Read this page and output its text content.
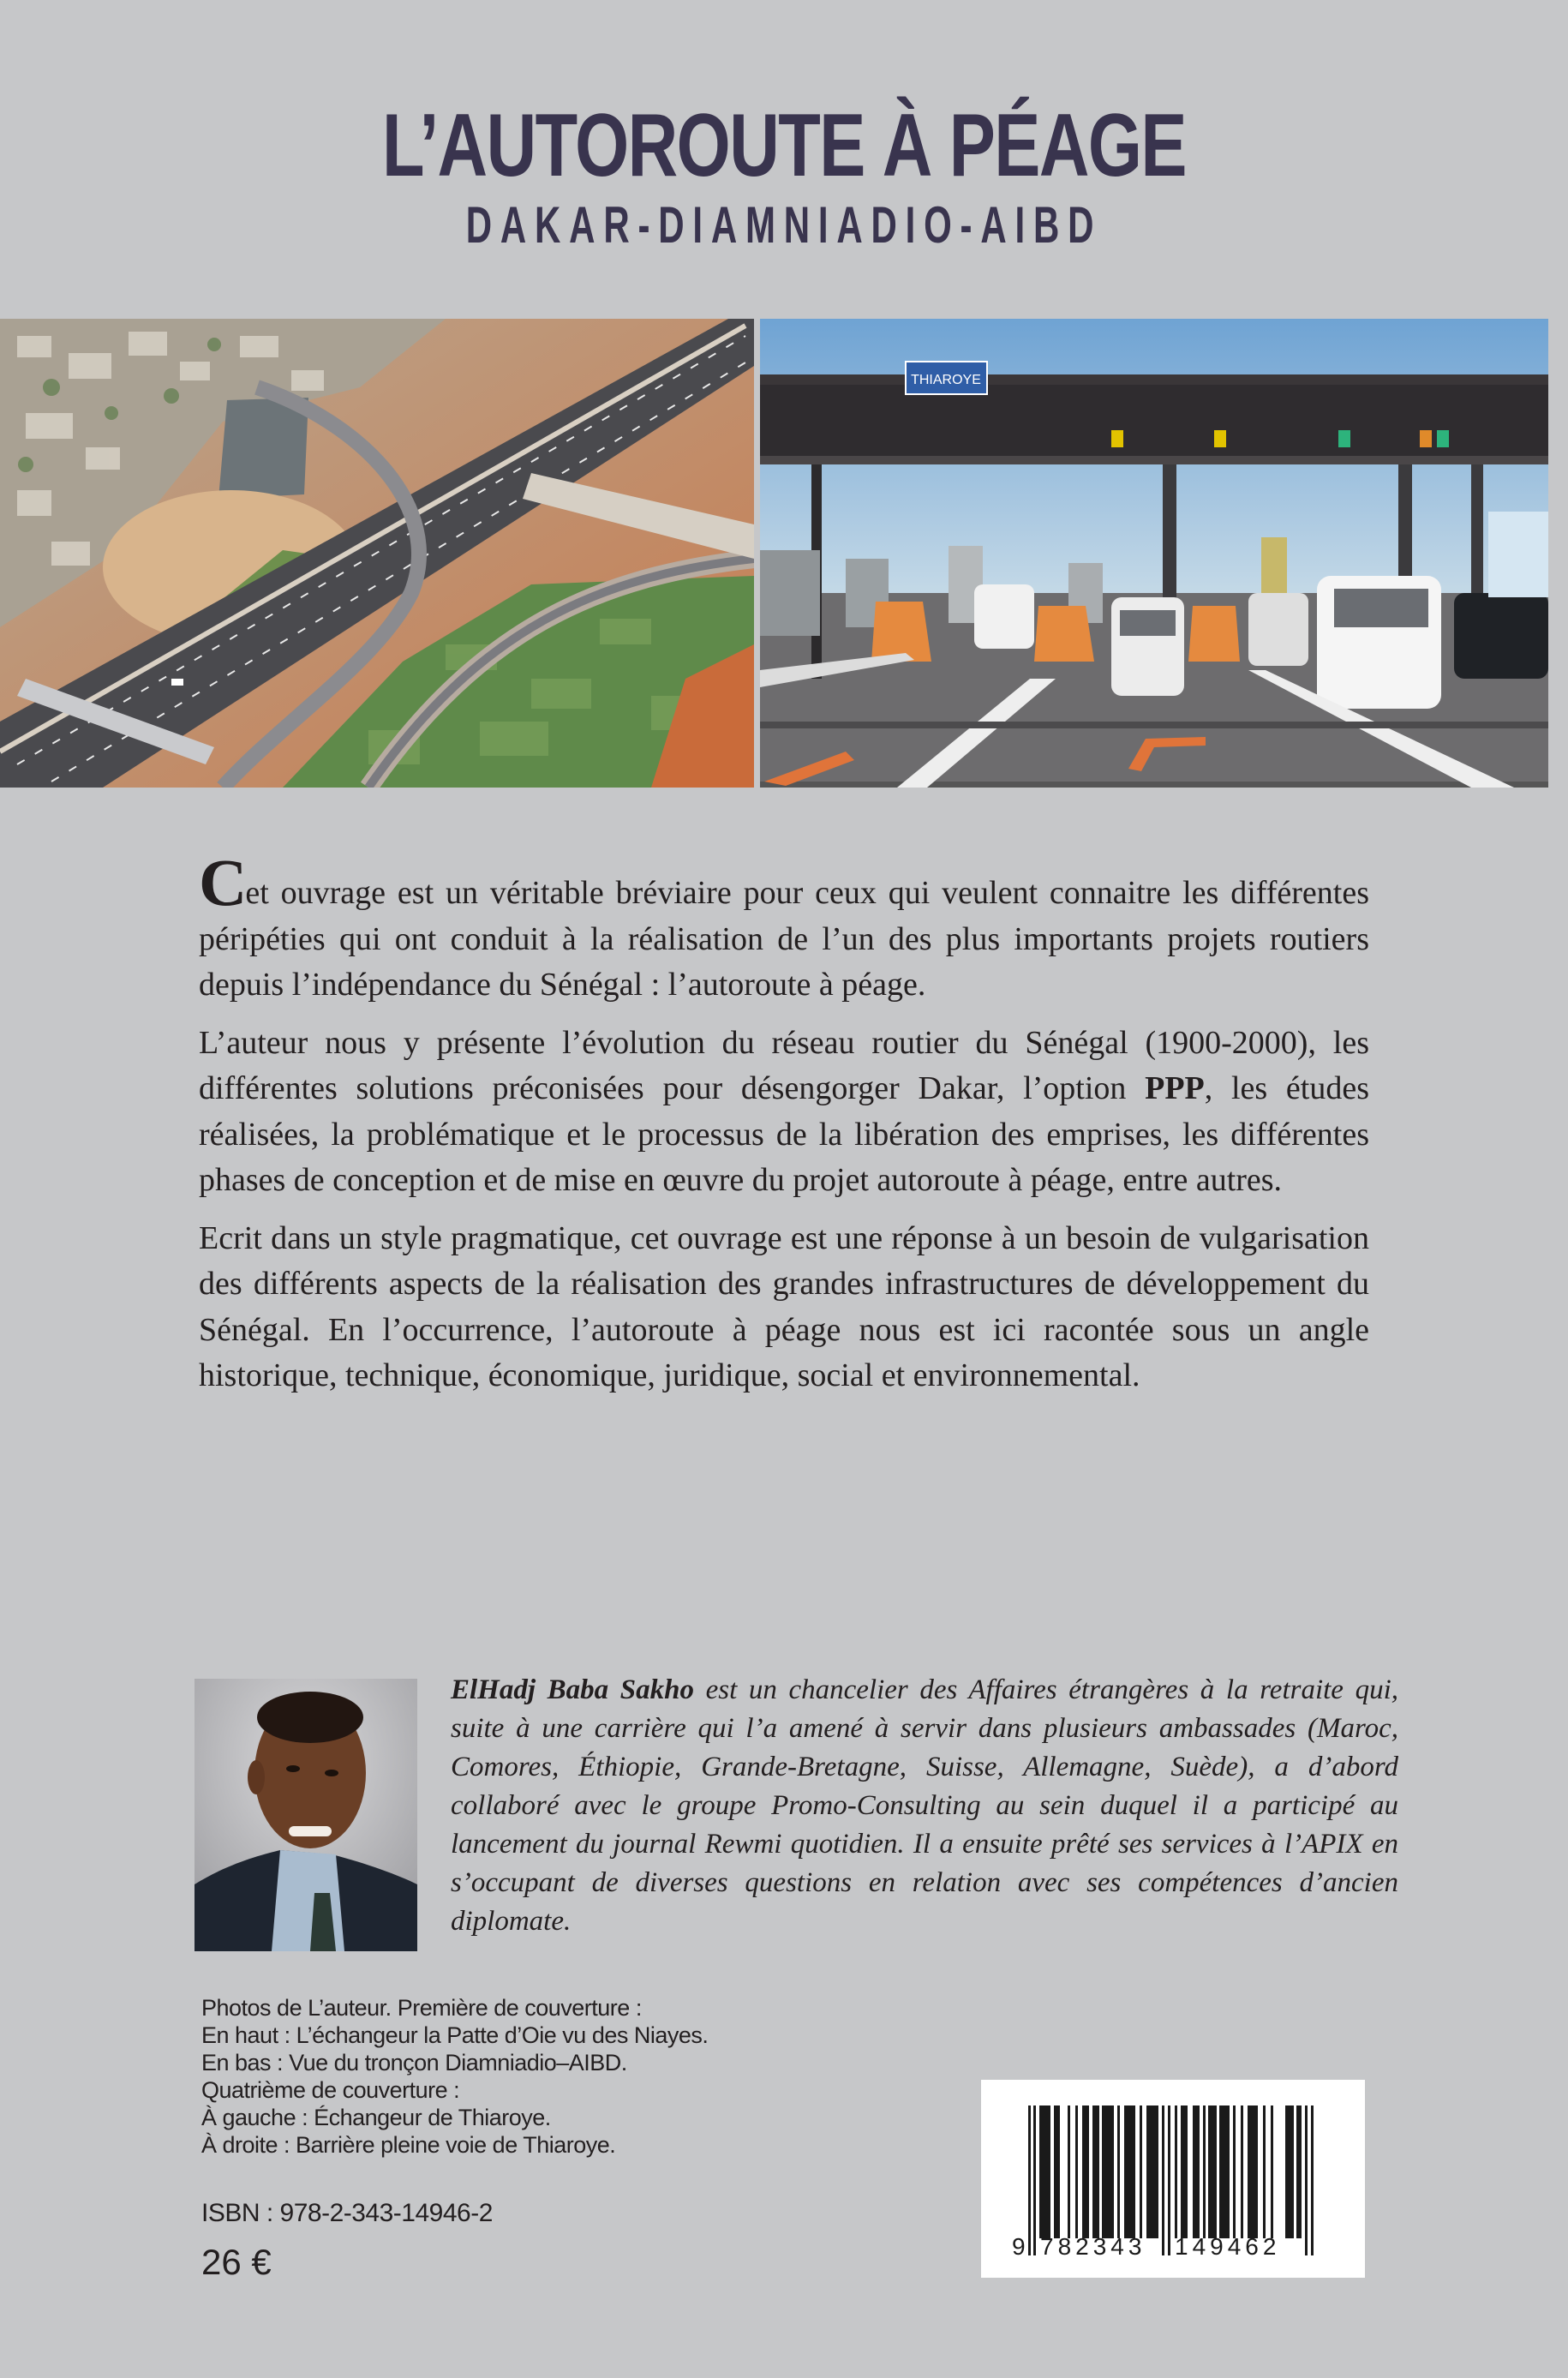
L’AUTOROUTE À PÉAGE
DAKAR-DIAMNIADIO-AIBD
THIAROYE

Cet ouvrage est un véritable bréviaire pour ceux qui veulent connaitre les différentes péripéties qui ont conduit à la réalisation de l’un des plus importants projets routiers depuis l’indépendance du Sénégal : l’autoroute à péage.

L’auteur nous y présente l’évolution du réseau routier du Sénégal (1900-2000), les différentes solutions préconisées pour désengorger Dakar, l’option PPP, les études réalisées, la problématique et le processus de la libération des emprises, les différentes phases de conception et de mise en œuvre du projet autoroute à péage, entre autres.

Ecrit dans un style pragmatique, cet ouvrage est une réponse à un besoin de vulgarisation des différents aspects de la réalisation des grandes infrastructures de développement du Sénégal. En l’occurrence, l’autoroute à péage nous est ici racontée sous un angle historique, technique, économique, juridique, social et environnemental.

ElHadj Baba Sakho est un chancelier des Affaires étrangères à la retraite qui, suite à une carrière qui l’a amené à servir dans plusieurs ambassades (Maroc, Comores, Éthiopie, Grande-Bretagne, Suisse, Allemagne, Suède), a d’abord collaboré avec le groupe Promo-Consulting au sein duquel il a participé au lancement du journal Rewmi quotidien. Il a ensuite prêté ses services à l’APIX en s’occupant de diverses questions en relation avec ses compétences d’ancien diplomate.

Photos de L’auteur. Première de couverture :
En haut : L’échangeur la Patte d’Oie vu des Niayes.
En bas : Vue du tronçon Diamniadio–AIBD.
Quatrième de couverture :
À gauche : Échangeur de Thiaroye.
À droite : Barrière pleine voie de Thiaroye.
ISBN : 978-2-343-14946-2
26 €	9 782343 149462
